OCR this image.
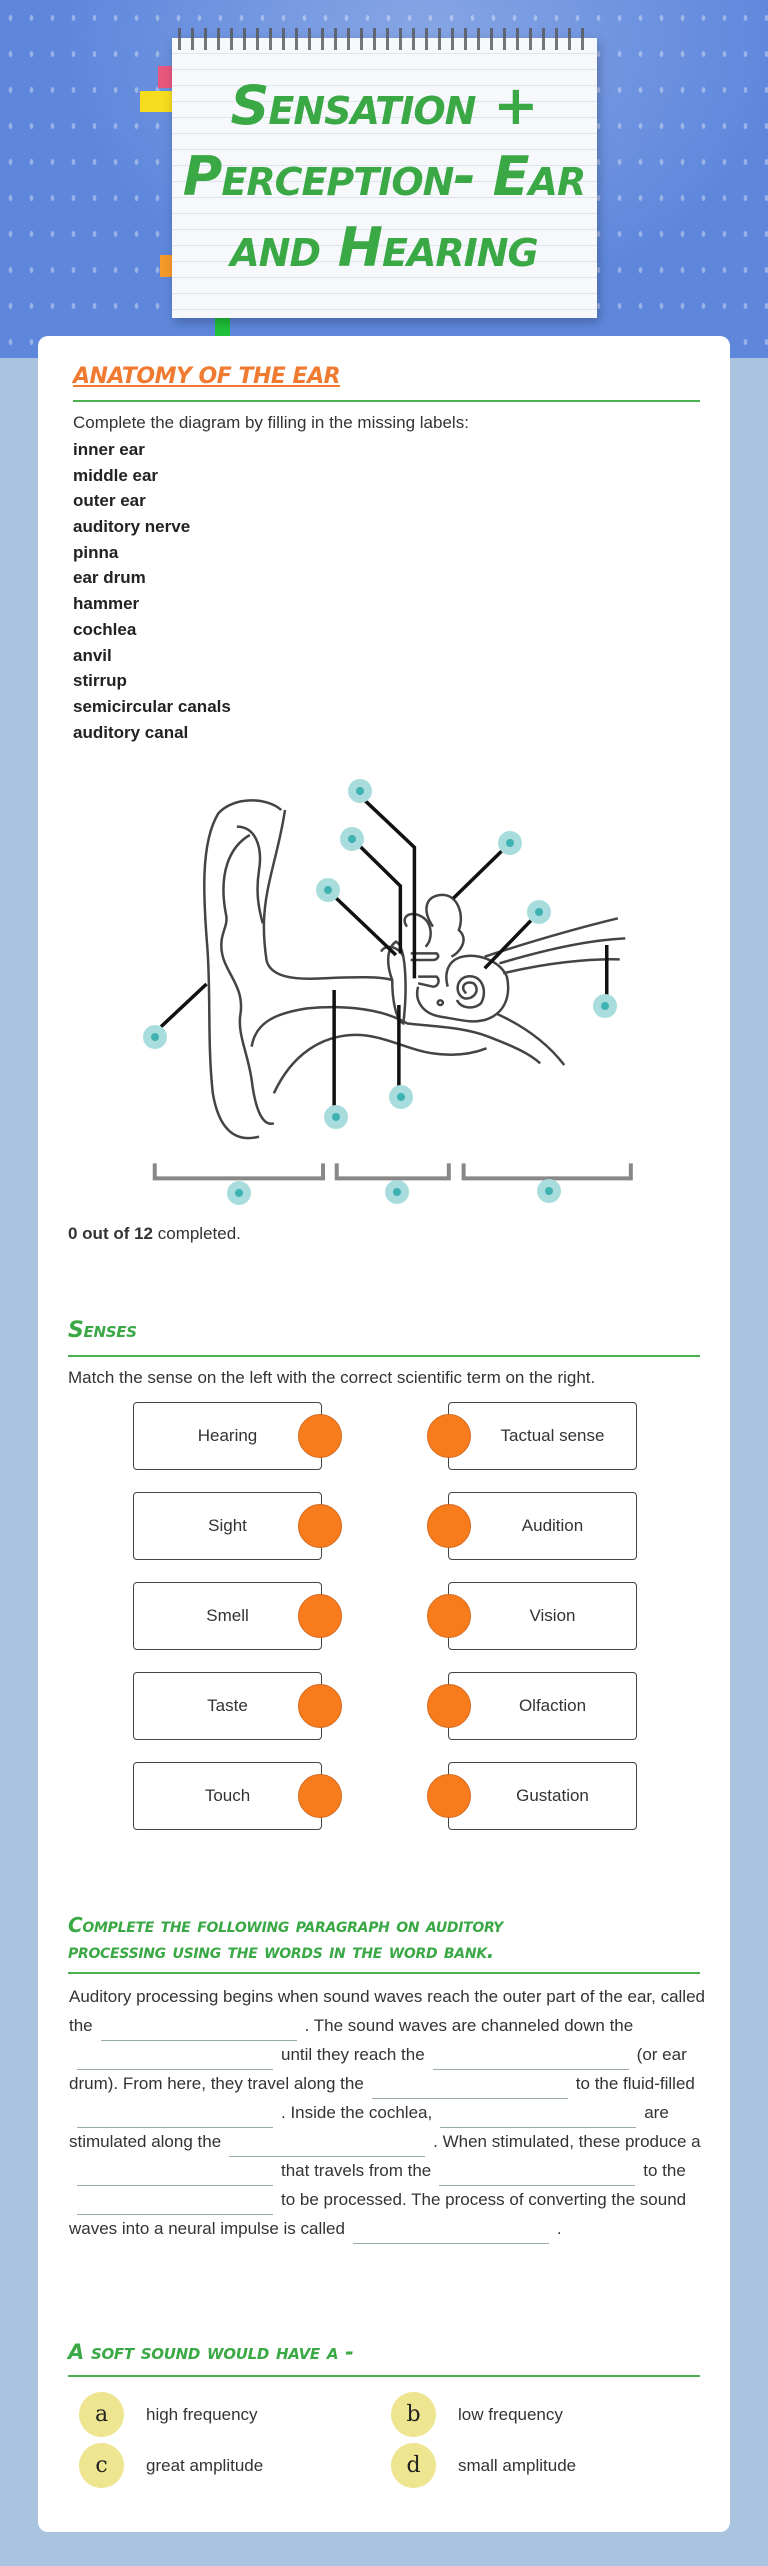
Sensation +
Perception- Ear
and Hearing
ANATOMY OF THE EAR
Complete the diagram by filling in the missing labels:
inner ear
middle ear
outer ear
auditory nerve
pinna
ear drum
hammer
cochlea
anvil
stirrup
semicircular canals
auditory canal
0 out of 12 completed.
Senses
Match the sense on the left with the correct scientific term on the right.
Hearing
Sight
Smell
Taste
Touch
Tactual sense
Audition
Vision
Olfaction
Gustation
Complete the following paragraph on auditory
processing using the words in the word bank.
Auditory processing begins when sound waves reach the outer part of the ear, called the	. The sound waves are channeled down theuntil they reach the	(or ear drum). From here, they travel along the	to the fluid-filled. Inside the cochlea,	are stimulated along the	. When stimulated, these produce athat travels from the	to theto be processed. The process of converting the sound waves into a neural impulse is called	.
A soft sound would have a -
a	high frequency	b	low frequency
c	great amplitude	d	small amplitude
